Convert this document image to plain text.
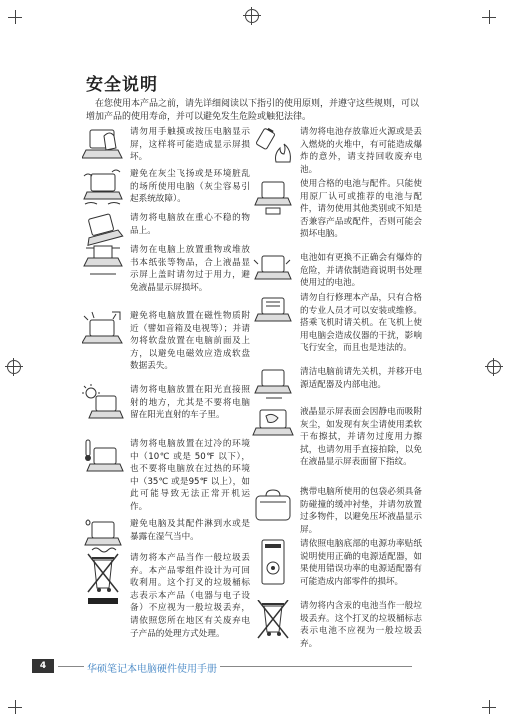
安全说明
在您使用本产品之前，请先详细阅读以下指引的使用原则，并遵守这些规则，可以增加产品的使用寿命，并可以避免发生危险或触犯法律。
请勿用手触摸或按压电脑显示屏，这样将可能造成显示屏损坏。
避免在灰尘飞扬或是环境脏乱的场所使用电脑（灰尘容易引起系统故障）。
请勿将电脑放在重心不稳的物品上。
请勿在电脑上放置重物或堆放书本纸张等物品，合上液晶显示屏上盖时请勿过于用力，避免液晶显示屏损坏。
避免将电脑放置在磁性物质附近（譬如音箱及电视等）；并请勿将软盘放置在电脑前面及上方，以避免电磁效应造成软盘数据丢失。
请勿将电脑放置在阳光直接照射的地方，尤其是不要将电脑留在阳光直射的车子里。
请勿将电脑放置在过冷的环境中（10℃ 或是 50℉ 以下），也不要将电脑放在过热的环境中（35℃ 或是95℉ 以上），如此可能导致无法正常开机运作。
避免电脑及其配件淋到水或是暴露在湿气当中。
请勿将本产品当作一般垃圾丢弃。本产品零组件设计为可回收利用。这个打叉的垃圾桶标志表示本产品（电器与电子设备）不应视为一般垃圾丢弃，请依照您所在地区有关废弃电子产品的处理方式处理。
请勿将电池存放靠近火源或是丢入燃烧的火堆中，有可能造成爆炸的意外，请支持回收废弃电池。
使用合格的电池与配件。只能使用原厂认可或推荐的电池与配件，请勿使用其他类别或不知是否兼容产品或配件，否则可能会损坏电脑。
电池如有更换不正确会有爆炸的危险，并请依制造商说明书处理使用过的电池。
请勿自行修理本产品，只有合格的专业人员才可以安装或维修。搭乘飞机时请关机。在飞机上使用电脑会造成仪器的干扰，影响飞行安全，而且也是违法的。
清洁电脑前请先关机，并移开电源适配器及内部电池。
液晶显示屏表面会因静电而吸附灰尘，如发现有灰尘请使用柔软干布擦拭，并请勿过度用力擦拭，也请勿用手直接拍除，以免在液晶显示屏表面留下指纹。
携带电脑所使用的包袋必须具备防碰撞的缓冲衬垫，并请勿放置过多物件，以避免压坏液晶显示屏。
请依照电脑底部的电源功率贴纸说明使用正确的电源适配器，如果使用错误功率的电源适配器有可能造成内部零件的损坏。
请勿将内含汞的电池当作一般垃圾丢弃。这个打叉的垃圾桶标志表示电池不应视为一般垃圾丢弃。
4	华硕笔记本电脑硬件使用手册
